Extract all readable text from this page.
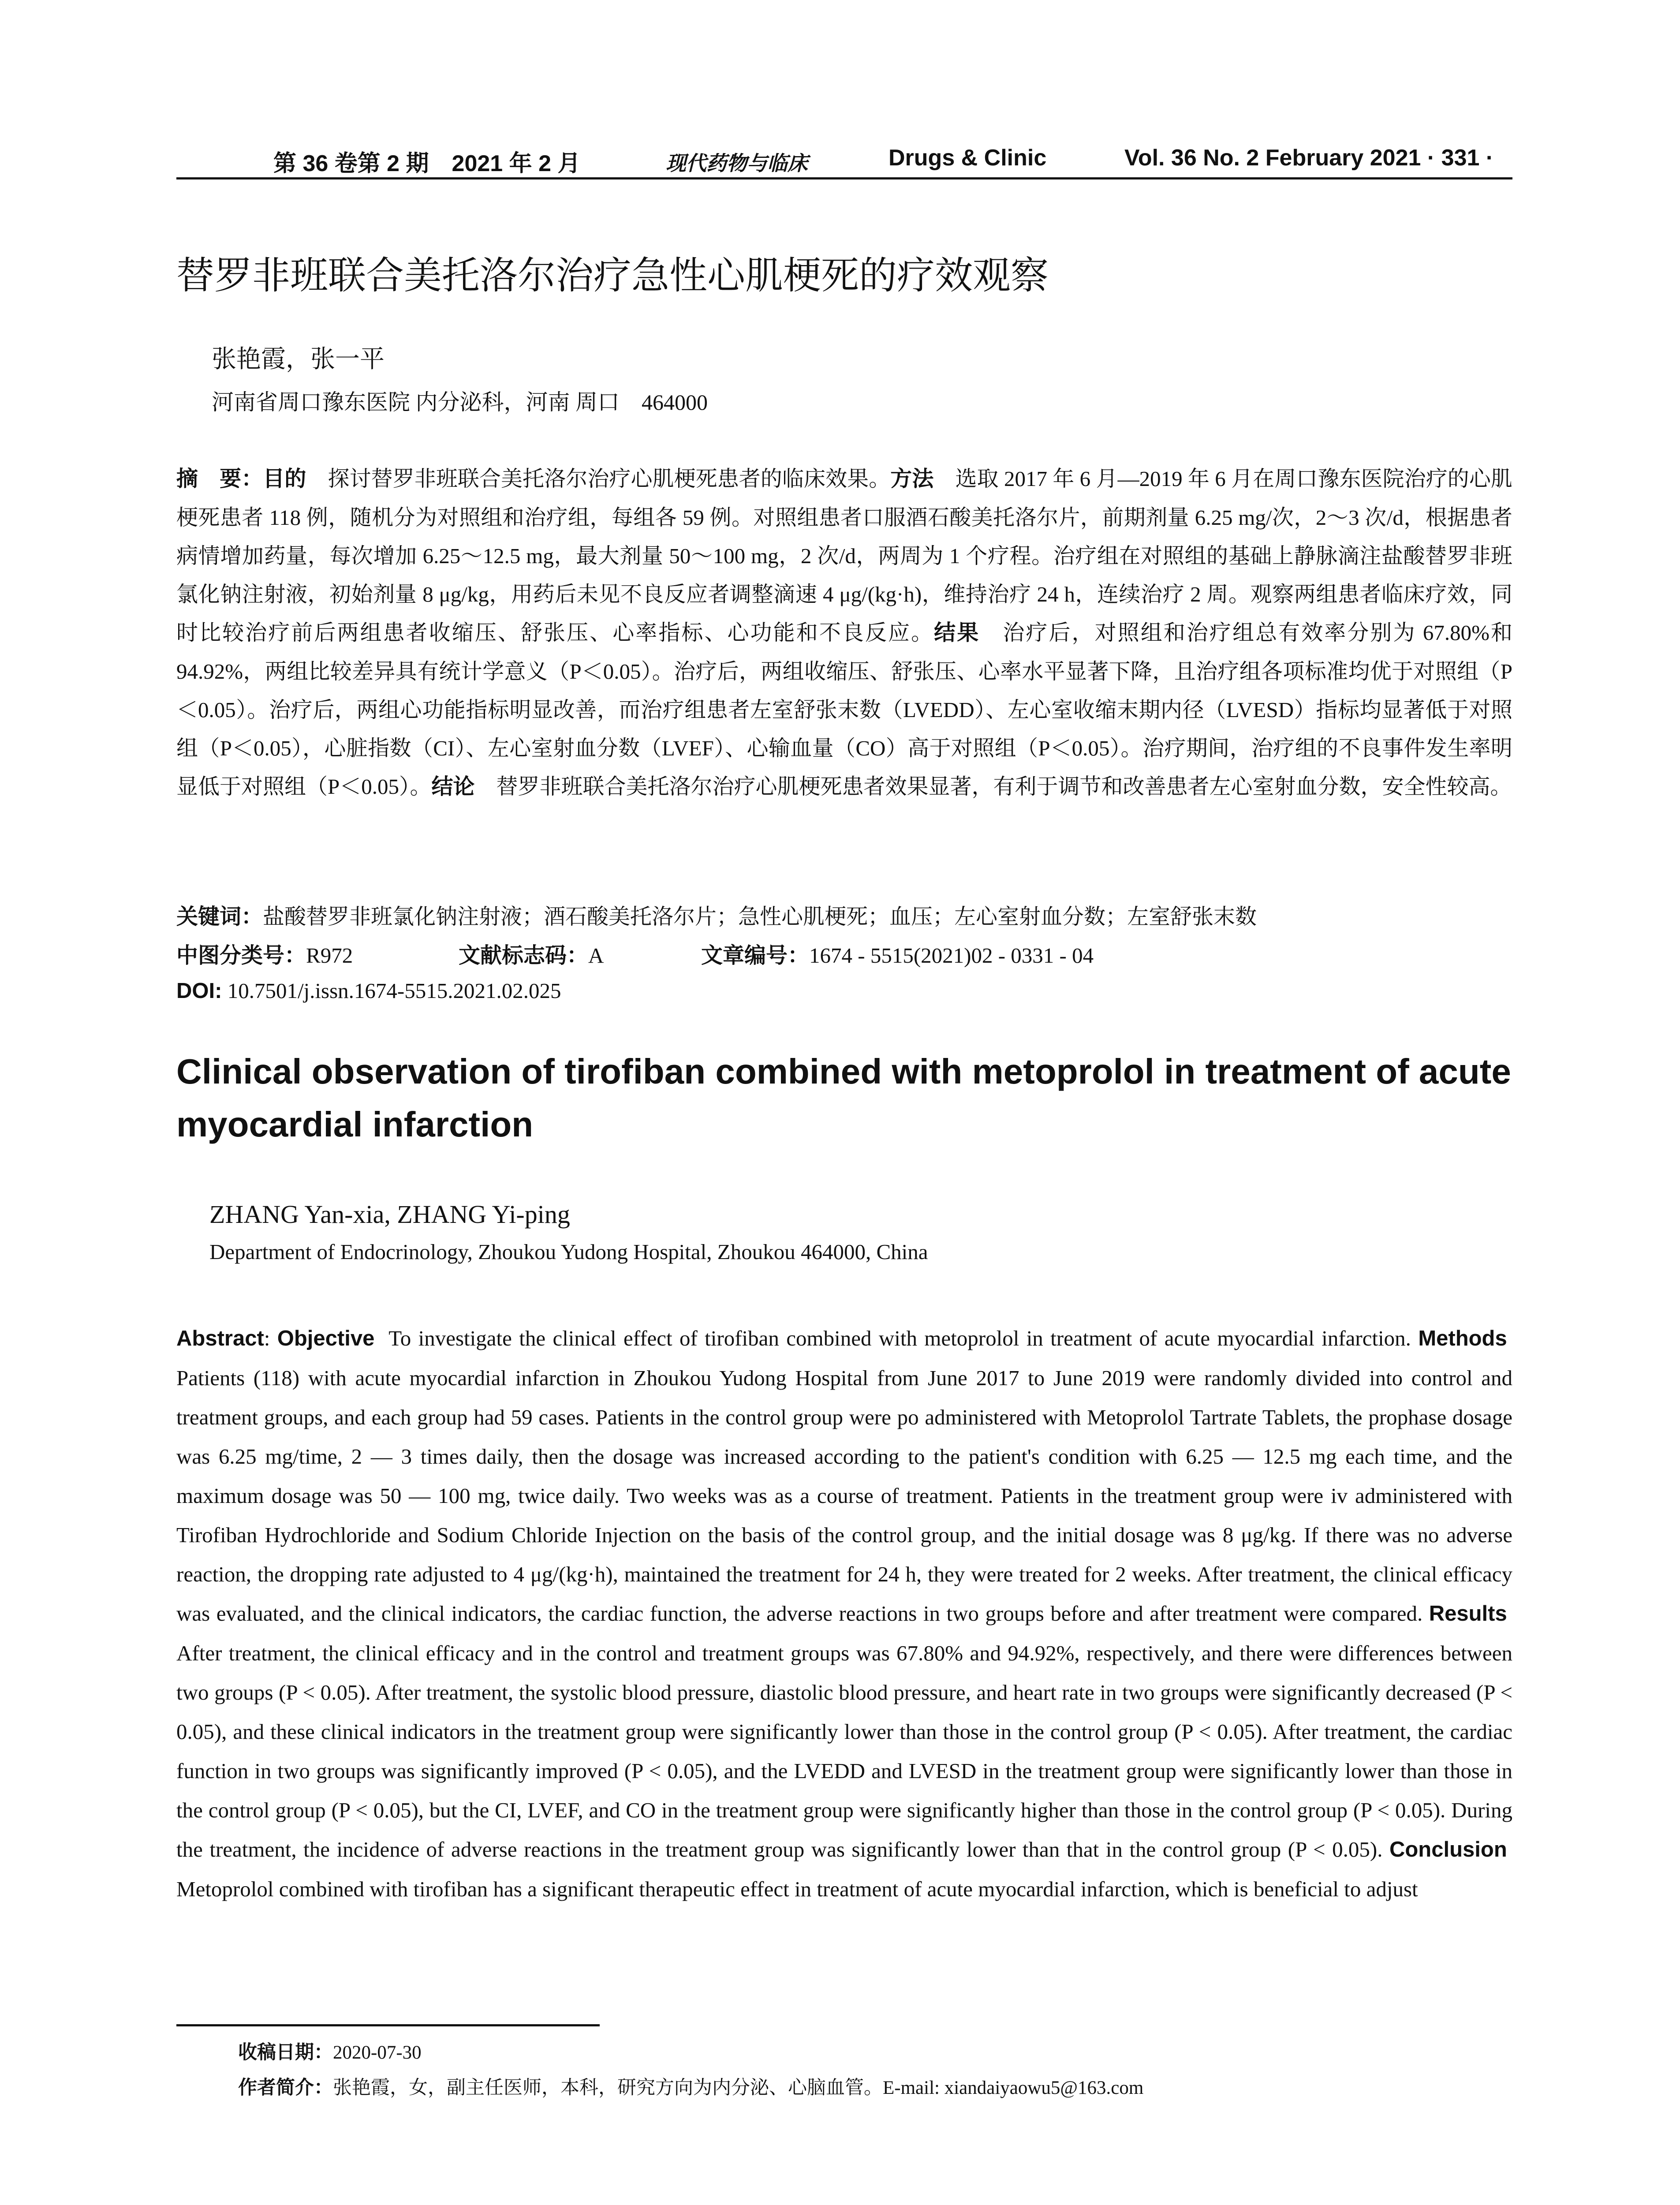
第 36 卷第 2 期　2021 年 2 月	现代药物与临床	Drugs & Clinic	Vol. 36 No. 2 February 2021 · 331 ·
替罗非班联合美托洛尔治疗急性心肌梗死的疗效观察
张艳霞，张一平
河南省周口豫东医院 内分泌科，河南 周口　464000
摘　要：目的　 探讨替罗非班联合美托洛尔治疗心肌梗死患者的临床效果。方法　 选取 2017 年 6 月—2019 年 6 月在周口豫东医院治疗的心肌梗死患者 118 例，随机分为对照组和治疗组，每组各 59 例。对照组患者口服酒石酸美托洛尔片，前期剂量 6.25 mg/次，2～3 次/d，根据患者病情增加药量，每次增加 6.25～12.5 mg，最大剂量 50～100 mg，2 次/d，两周为 1 个疗程。治疗组在对照组的基础上静脉滴注盐酸替罗非班氯化钠注射液，初始剂量 8 μg/kg，用药后未见不良反应者调整滴速 4 μg/(kg·h)，维持治疗 24 h，连续治疗 2 周。观察两组患者临床疗效，同时比较治疗前后两组患者收缩压、舒张压、心率指标、心功能和不良反应。结果　 治疗后，对照组和治疗组总有效率分别为 67.80%和 94.92%，两组比较差异具有统计学意义（P＜0.05）。治疗后，两组收缩压、舒张压、心率水平显著下降，且治疗组各项标准均优于对照组（P＜0.05）。治疗后，两组心功能指标明显改善，而治疗组患者左室舒张末数（LVEDD）、左心室收缩末期内径（LVESD）指标均显著低于对照组（P＜0.05），心脏指数（CI）、左心室射血分数（LVEF）、心输血量（CO）高于对照组（P＜0.05）。治疗期间，治疗组的不良事件发生率明显低于对照组（P＜0.05）。结论　 替罗非班联合美托洛尔治疗心肌梗死患者效果显著，有利于调节和改善患者左心室射血分数，安全性较高。
关键词：盐酸替罗非班氯化钠注射液；酒石酸美托洛尔片；急性心肌梗死；血压；左心室射血分数；左室舒张末数
中图分类号：R972	文献标志码：A	文章编号：1674 - 5515(2021)02 - 0331 - 04
DOI: 10.7501/j.issn.1674-5515.2021.02.025
Clinical observation of tirofiban combined with metoprolol in treatment of acute myocardial infarction
ZHANG Yan-xia, ZHANG Yi-ping
Department of Endocrinology, Zhoukou Yudong Hospital, Zhoukou 464000, China
Abstract: Objective To investigate the clinical effect of tirofiban combined with metoprolol in treatment of acute myocardial infarction. Methods  Patients (118) with acute myocardial infarction in Zhoukou Yudong Hospital from June 2017 to June 2019 were randomly divided into control and treatment groups, and each group had 59 cases. Patients in the control group were po administered with Metoprolol Tartrate Tablets, the prophase dosage was 6.25 mg/time, 2 — 3 times daily, then the dosage was increased according to the patient's condition with 6.25 — 12.5 mg each time, and the maximum dosage was 50 — 100 mg, twice daily. Two weeks was as a course of treatment. Patients in the treatment group were iv administered with Tirofiban Hydrochloride and Sodium Chloride Injection on the basis of the control group, and the initial dosage was 8 μg/kg. If there was no adverse reaction, the dropping rate adjusted to 4 μg/(kg·h), maintained the treatment for 24 h, they were treated for 2 weeks. After treatment, the clinical efficacy was evaluated, and the clinical indicators, the cardiac function, the adverse reactions in two groups before and after treatment were compared. Results  After treatment, the clinical efficacy and in the control and treatment groups was 67.80% and 94.92%, respectively, and there were differences between two groups (P < 0.05). After treatment, the systolic blood pressure, diastolic blood pressure, and heart rate in two groups were significantly decreased (P < 0.05), and these clinical indicators in the treatment group were significantly lower than those in the control group (P < 0.05). After treatment, the cardiac function in two groups was significantly improved (P < 0.05), and the LVEDD and LVESD in the treatment group were significantly lower than those in the control group (P < 0.05), but the CI, LVEF, and CO in the treatment group were significantly higher than those in the control group (P < 0.05). During the treatment, the incidence of adverse reactions in the treatment group was significantly lower than that in the control group (P < 0.05). Conclusion  Metoprolol combined with tirofiban has a significant therapeutic effect in treatment of acute myocardial infarction, which is beneficial to adjust
收稿日期：2020-07-30
作者简介：张艳霞，女，副主任医师，本科，研究方向为内分泌、心脑血管。E-mail: xiandaiyaowu5@163.com
